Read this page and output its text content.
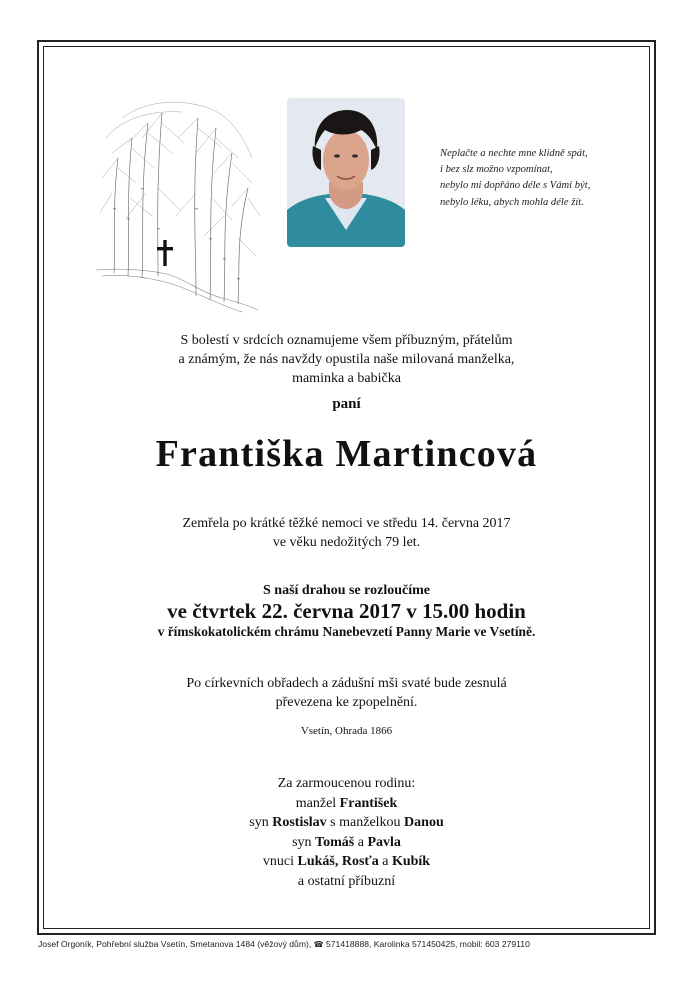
Neplačte a nechte mne klidně spát,
i bez slz možno vzpomínat,
nebylo mi dopřáno déle s Vámi být,
nebylo léku, abych mohla déle žít.
S bolestí v srdcích oznamujeme všem příbuzným, přátelům
a známým, že nás navždy opustila naše milovaná manželka,
maminka a babička
paní
Františka Martincová
Zemřela po krátké těžké nemoci ve středu 14. června 2017
ve věku nedožitých 79 let.
S naší drahou se rozloučíme
ve čtvrtek 22. června 2017 v 15.00 hodin
v římskokatolickém chrámu Nanebevzetí Panny Marie ve Vsetíně.
Po církevních obřadech a zádušní mši svaté bude zesnulá
převezena ke zpopelnění.
Vsetín, Ohrada 1866
Za zarmoucenou rodinu:
manžel František
syn Rostislav s manželkou Danou
syn Tomáš a Pavla
vnuci Lukáš, Rosťa a Kubík
a ostatní příbuzní
Josef Orgoník, Pohřební služba Vsetín, Smetanova 1484 (věžový dům), ☎ 571418888, Karolinka 571450425, mobil: 603 279110
